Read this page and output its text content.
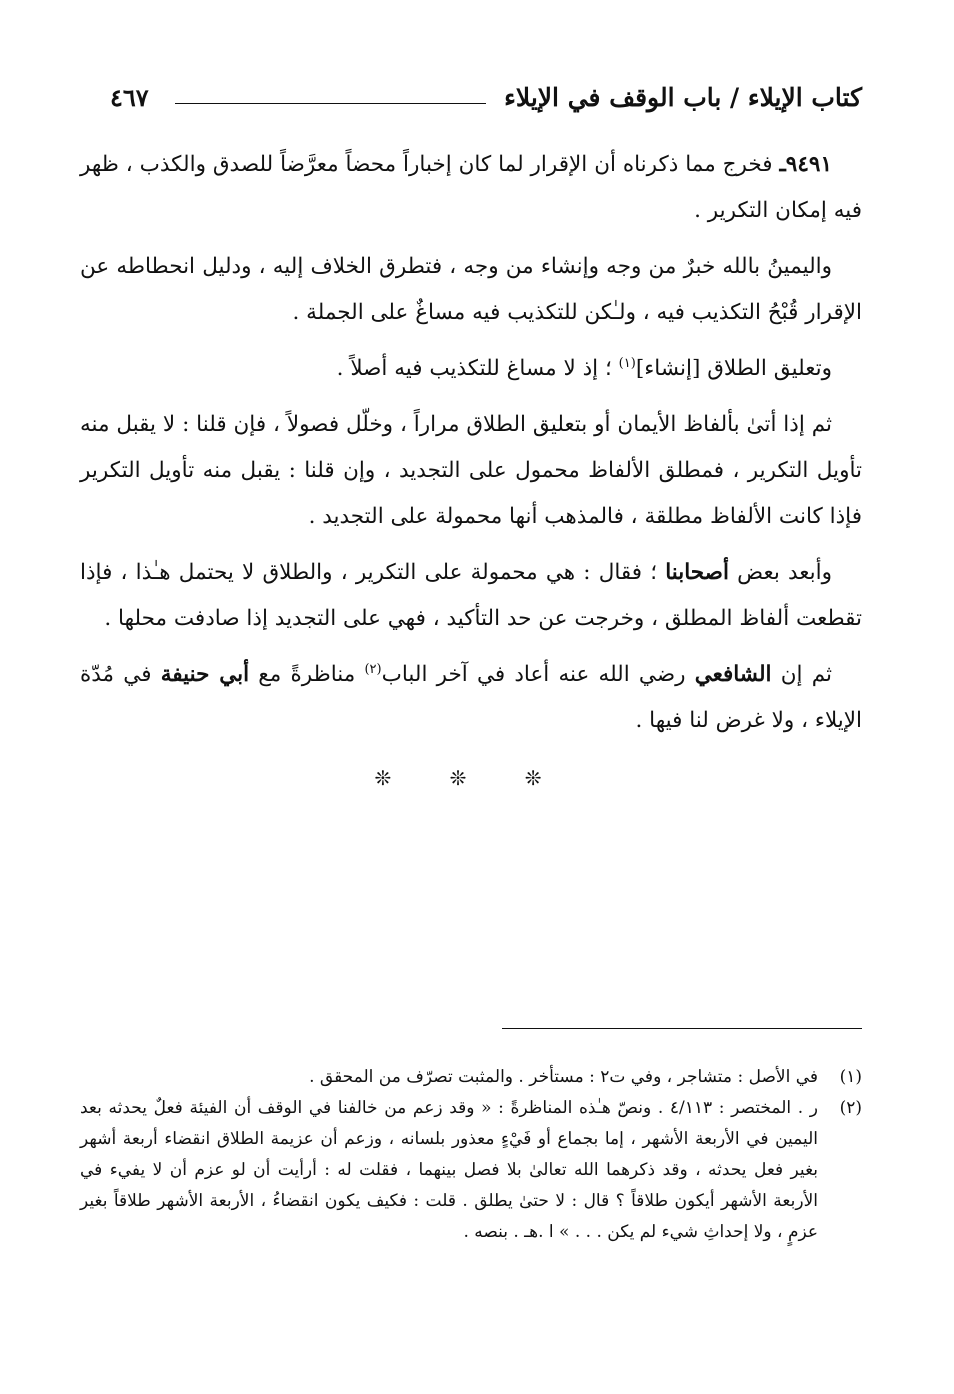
كتاب الإيلاء / باب الوقف في الإيلاء
٤٦٧

٩٤٩١ـ فخرج مما ذكرناه أن الإقرار لما كان إخباراً محضاً معرَّضاً للصدق والكذب ، ظهر فيه إمكان التكرير .

واليمينُ بالله خبرٌ من وجه وإنشاء من وجه ، فتطرق الخلاف إليه ، ودليل انحطاطه عن الإقرار قُبْحُ التكذيب فيه ، ولـٰكن للتكذيب فيه مساغٌ على الجملة .

وتعليق الطلاق [إنشاء]$^{(١)}$ ؛ إذ لا مساغ للتكذيب فيه أصلاً .

ثم إذا أتىٰ بألفاظ الأيمان أو بتعليق الطلاق مراراً ، وخلّل فصولاً ، فإن قلنا : لا يقبل منه تأويل التكرير ، فمطلق الألفاظ محمول على التجديد ، وإن قلنا : يقبل منه تأويل التكرير فإذا كانت الألفاظ مطلقة ، فالمذهب أنها محمولة على التجديد .

وأبعد بعض أصحابنا ؛ فقال : هي محمولة على التكرير ، والطلاق لا يحتمل هـٰذا ، فإذا تقطعت ألفاظ المطلق ، وخرجت عن حد التأكيد ، فهي على التجديد إذا صادفت محلها .

ثم إن الشافعي رضي الله عنه أعاد في آخر الباب$^{(٢)}$ مناظرةً مع أبي حنيفة في مُدّة الإيلاء ، ولا غرض لنا فيها .

❊ ❊ ❊
(١)
في الأصل : متشاجر ، وفي ت٢ : مستأخر . والمثبت تصرّف من المحقق .
(٢)
ر . المختصر : ٤/١١٣ . ونصّ هـٰذه المناظرةً : « وقد زعم من خالفنا في الوقف أن الفيئة فعلٌ يحدثه بعد اليمين في الأربعة الأشهر ، إما بجماع أو فَيْءٍ معذور بلسانه ، وزعم أن عزيمة الطلاق انقضاء أربعة أشهر بغير فعل يحدثه ، وقد ذكرهما الله تعالىٰ بلا فصل بينهما ، فقلت له : أرأيت أن لو عزم أن لا يفيء في الأربعة الأشهر أيكون طلاقاً ؟ قال : لا حتىٰ يطلق . قلت : فكيف يكون انقضاءُ ، الأربعة الأشهر طلاقاً بغير عزمٍ ، ولا إحداثِ شيء لم يكن . . . » ا .هـ . بنصه .
